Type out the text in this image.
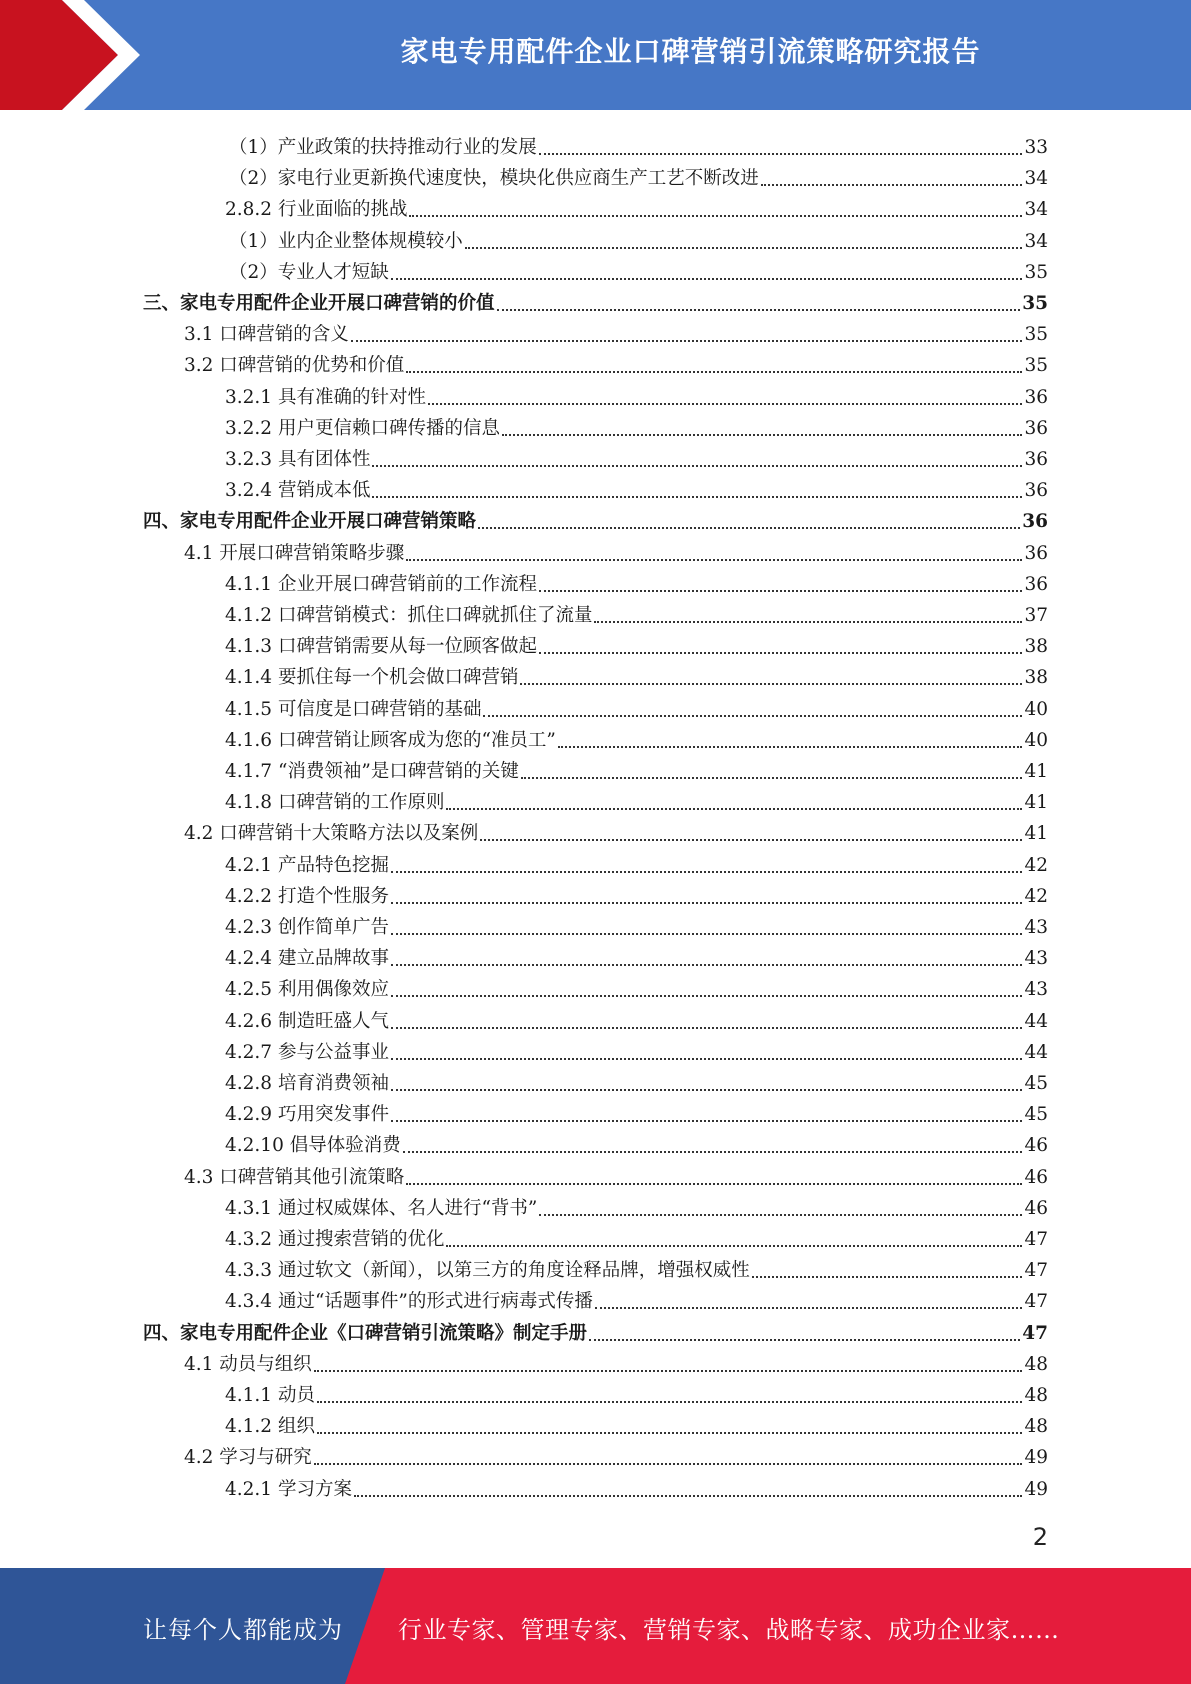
家电专用配件企业口碑营销引流策略研究报告
（1）产业政策的扶持推动行业的发展	33
（2）家电行业更新换代速度快，模块化供应商生产工艺不断改进	34
2.8.2 行业面临的挑战	34
（1）业内企业整体规模较小	34
（2）专业人才短缺	35
三、家电专用配件企业开展口碑营销的价值	35
3.1 口碑营销的含义	35
3.2 口碑营销的优势和价值	35
3.2.1 具有准确的针对性	36
3.2.2 用户更信赖口碑传播的信息	36
3.2.3 具有团体性	36
3.2.4 营销成本低	36
四、家电专用配件企业开展口碑营销策略	36
4.1 开展口碑营销策略步骤	36
4.1.1 企业开展口碑营销前的工作流程	36
4.1.2 口碑营销模式：抓住口碑就抓住了流量	37
4.1.3 口碑营销需要从每一位顾客做起	38
4.1.4 要抓住每一个机会做口碑营销	38
4.1.5 可信度是口碑营销的基础	40
4.1.6 口碑营销让顾客成为您的“准员工”	40
4.1.7 “消费领袖”是口碑营销的关键	41
4.1.8 口碑营销的工作原则	41
4.2 口碑营销十大策略方法以及案例	41
4.2.1 产品特色挖掘	42
4.2.2 打造个性服务	42
4.2.3 创作简单广告	43
4.2.4 建立品牌故事	43
4.2.5 利用偶像效应	43
4.2.6 制造旺盛人气	44
4.2.7 参与公益事业	44
4.2.8 培育消费领袖	45
4.2.9 巧用突发事件	45
4.2.10 倡导体验消费	46
4.3 口碑营销其他引流策略	46
4.3.1 通过权威媒体、名人进行“背书”	46
4.3.2 通过搜索营销的优化	47
4.3.3 通过软文（新闻），以第三方的角度诠释品牌，增强权威性	47
4.3.4 通过“话题事件”的形式进行病毒式传播	47
四、家电专用配件企业《口碑营销引流策略》制定手册	47
4.1 动员与组织	48
4.1.1 动员	48
4.1.2 组织	48
4.2 学习与研究	49
4.2.1 学习方案	49
2
让每个人都能成为 行业专家、管理专家、营销专家、战略专家、成功企业家……
